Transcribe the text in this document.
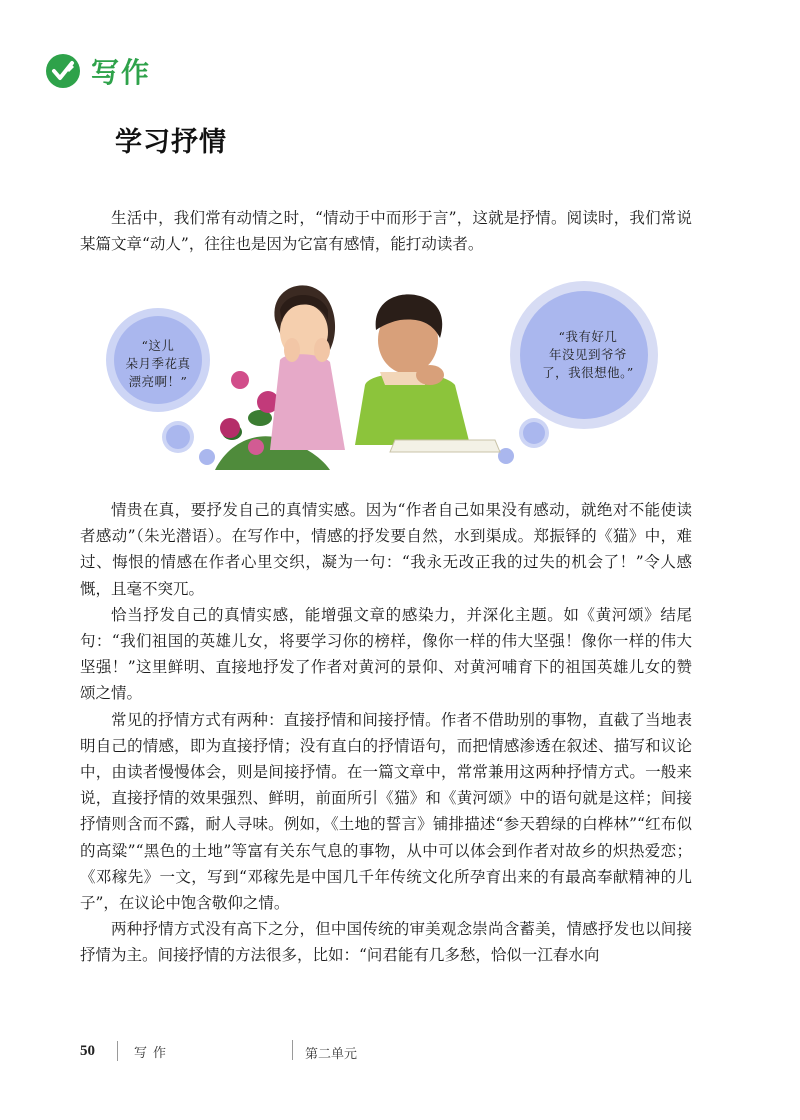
写作
学习抒情

生活中，我们常有动情之时，“情动于中而形于言”，这就是抒情。阅读时，我们常说某篇文章“动人”，往往也是因为它富有感情，能打动读者。

“这儿
朵月季花真
漂亮啊！”
“我有好几
年没见到爷爷
了，我很想他。”

情贵在真，要抒发自己的真情实感。因为“作者自己如果没有感动，就绝对不能使读者感动”（朱光潜语）。在写作中，情感的抒发要自然，水到渠成。郑振铎的《猫》中，难过、悔恨的情感在作者心里交织，凝为一句：“我永无改正我的过失的机会了！”令人感慨，且毫不突兀。

恰当抒发自己的真情实感，能增强文章的感染力，并深化主题。如《黄河颂》结尾句：“我们祖国的英雄儿女，将要学习你的榜样，像你一样的伟大坚强！像你一样的伟大坚强！”这里鲜明、直接地抒发了作者对黄河的景仰、对黄河哺育下的祖国英雄儿女的赞颂之情。

常见的抒情方式有两种：直接抒情和间接抒情。作者不借助别的事物，直截了当地表明自己的情感，即为直接抒情；没有直白的抒情语句，而把情感渗透在叙述、描写和议论中，由读者慢慢体会，则是间接抒情。在一篇文章中，常常兼用这两种抒情方式。一般来说，直接抒情的效果强烈、鲜明，前面所引《猫》和《黄河颂》中的语句就是这样；间接抒情则含而不露，耐人寻味。例如，《土地的誓言》铺排描述“参天碧绿的白桦林”“红布似的高粱”“黑色的土地”等富有关东气息的事物，从中可以体会到作者对故乡的炽热爱恋；《邓稼先》一文，写到“邓稼先是中国几千年传统文化所孕育出来的有最高奉献精神的儿子”，在议论中饱含敬仰之情。

两种抒情方式没有高下之分，但中国传统的审美观念崇尚含蓄美，情感抒发也以间接抒情为主。间接抒情的方法很多，比如：“问君能有几多愁，恰似一江春水向

50	写作	第二单元
